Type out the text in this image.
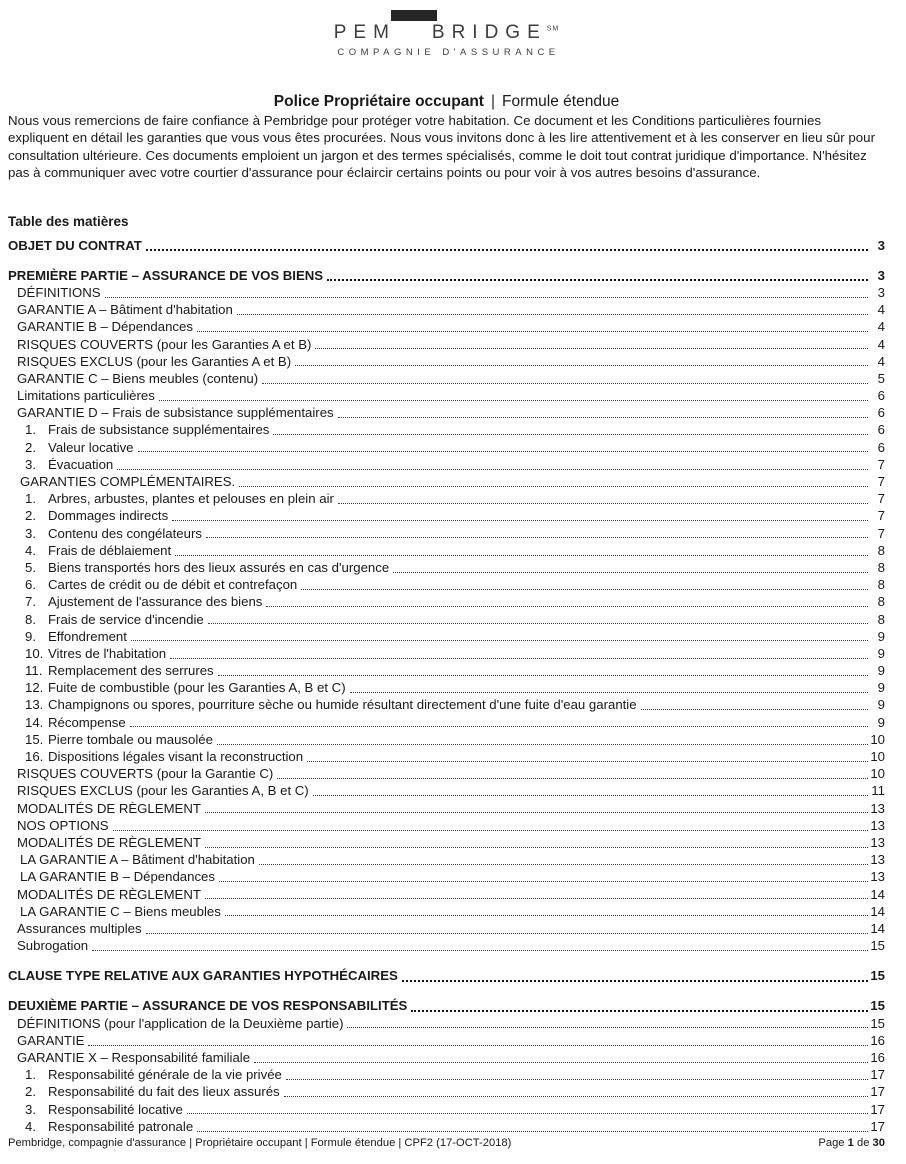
PEM BRIDGE℠
COMPAGNIE D'ASSURANCE
Police Propriétaire occupant | Formule étendue

Nous vous remercions de faire confiance à Pembridge pour protéger votre habitation. Ce document et les Conditions particulières fournies expliquent en détail les garanties que vous vous êtes procurées. Nous vous invitons donc à les lire attentivement et à les conserver en lieu sûr pour consultation ultérieure. Ces documents emploient un jargon et des termes spécialisés, comme le doit tout contrat juridique d'importance. N'hésitez pas à communiquer avec votre courtier d'assurance pour éclaircir certains points ou pour voir à vos autres besoins d'assurance.

Table des matières
OBJET DU CONTRAT	3
PREMIÈRE PARTIE – ASSURANCE DE VOS BIENS	3
DÉFINITIONS	3
GARANTIE A – Bâtiment d'habitation	4
GARANTIE B – Dépendances	4
RISQUES COUVERTS (pour les Garanties A et B)	4
RISQUES EXCLUS (pour les Garanties A et B)	4
GARANTIE C – Biens meubles (contenu)	5
Limitations particulières	6
GARANTIE D – Frais de subsistance supplémentaires	6
1. Frais de subsistance supplémentaires	6
2. Valeur locative	6
3. Évacuation	7
GARANTIES COMPLÉMENTAIRES.	7
1. Arbres, arbustes, plantes et pelouses en plein air	7
2. Dommages indirects	7
3. Contenu des congélateurs	7
4. Frais de déblaiement	8
5. Biens transportés hors des lieux assurés en cas d'urgence	8
6. Cartes de crédit ou de débit et contrefaçon	8
7. Ajustement de l'assurance des biens	8
8. Frais de service d'incendie	8
9. Effondrement	9
10. Vitres de l'habitation	9
11. Remplacement des serrures	9
12. Fuite de combustible (pour les Garanties A, B et C)	9
13. Champignons ou spores, pourriture sèche ou humide résultant directement d'une fuite d'eau garantie	9
14. Récompense	9
15. Pierre tombale ou mausolée	10
16. Dispositions légales visant la reconstruction	10
RISQUES COUVERTS (pour la Garantie C)	10
RISQUES EXCLUS (pour les Garanties A, B et C)	11
MODALITÉS DE RÈGLEMENT	13
NOS OPTIONS	13
MODALITÉS DE RÈGLEMENT	13
LA GARANTIE A – Bâtiment d'habitation	13
LA GARANTIE B – Dépendances	13
MODALITÉS DE RÈGLEMENT	14
LA GARANTIE C – Biens meubles	14
Assurances multiples	14
Subrogation	15
CLAUSE TYPE RELATIVE AUX GARANTIES HYPOTHÉCAIRES	15
DEUXIÈME PARTIE – ASSURANCE DE VOS RESPONSABILITÉS	15
DÉFINITIONS (pour l'application de la Deuxième partie)	15
GARANTIE	16
GARANTIE X – Responsabilité familiale	16
1. Responsabilité générale de la vie privée	17
2. Responsabilité du fait des lieux assurés	17
3. Responsabilité locative	17
4. Responsabilité patronale	17
Pembridge, compagnie d'assurance | Propriétaire occupant | Formule étendue | CPF2 (17-OCT-2018)	Page 1 de 30
